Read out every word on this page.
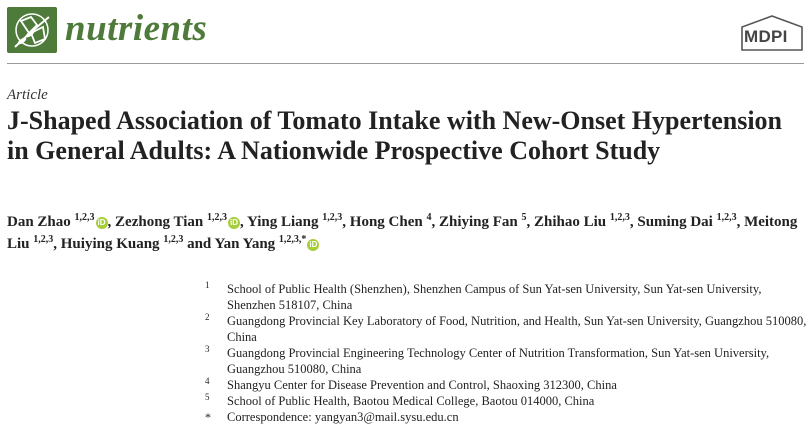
nutrients	MDPI
Article
J-Shaped Association of Tomato Intake with New-Onset Hypertension in General Adults: A Nationwide Prospective Cohort Study
Dan Zhao $^{1,2,3}$ iD , Zezhong Tian $^{1,2,3}$ iD , Ying Liang $^{1,2,3}$, Hong Chen $^4$, Zhiying Fan $^5$, Zhihao Liu $^{1,2,3}$, Suming Dai $^{1,2,3}$, Meitong Liu $^{1,2,3}$, Huiying Kuang $^{1,2,3}$ and Yan Yang $^{1,2,3,*}$ iD
1 School of Public Health (Shenzhen), Shenzhen Campus of Sun Yat-sen University, Sun Yat-sen University, Shenzhen 518107, China
2 Guangdong Provincial Key Laboratory of Food, Nutrition, and Health, Sun Yat-sen University, Guangzhou 510080, China
3 Guangdong Provincial Engineering Technology Center of Nutrition Transformation, Sun Yat-sen University, Guangzhou 510080, China
4 Shangyu Center for Disease Prevention and Control, Shaoxing 312300, China
5 School of Public Health, Baotou Medical College, Baotou 014000, China
* Correspondence: yangyan3@mail.sysu.edu.cn
